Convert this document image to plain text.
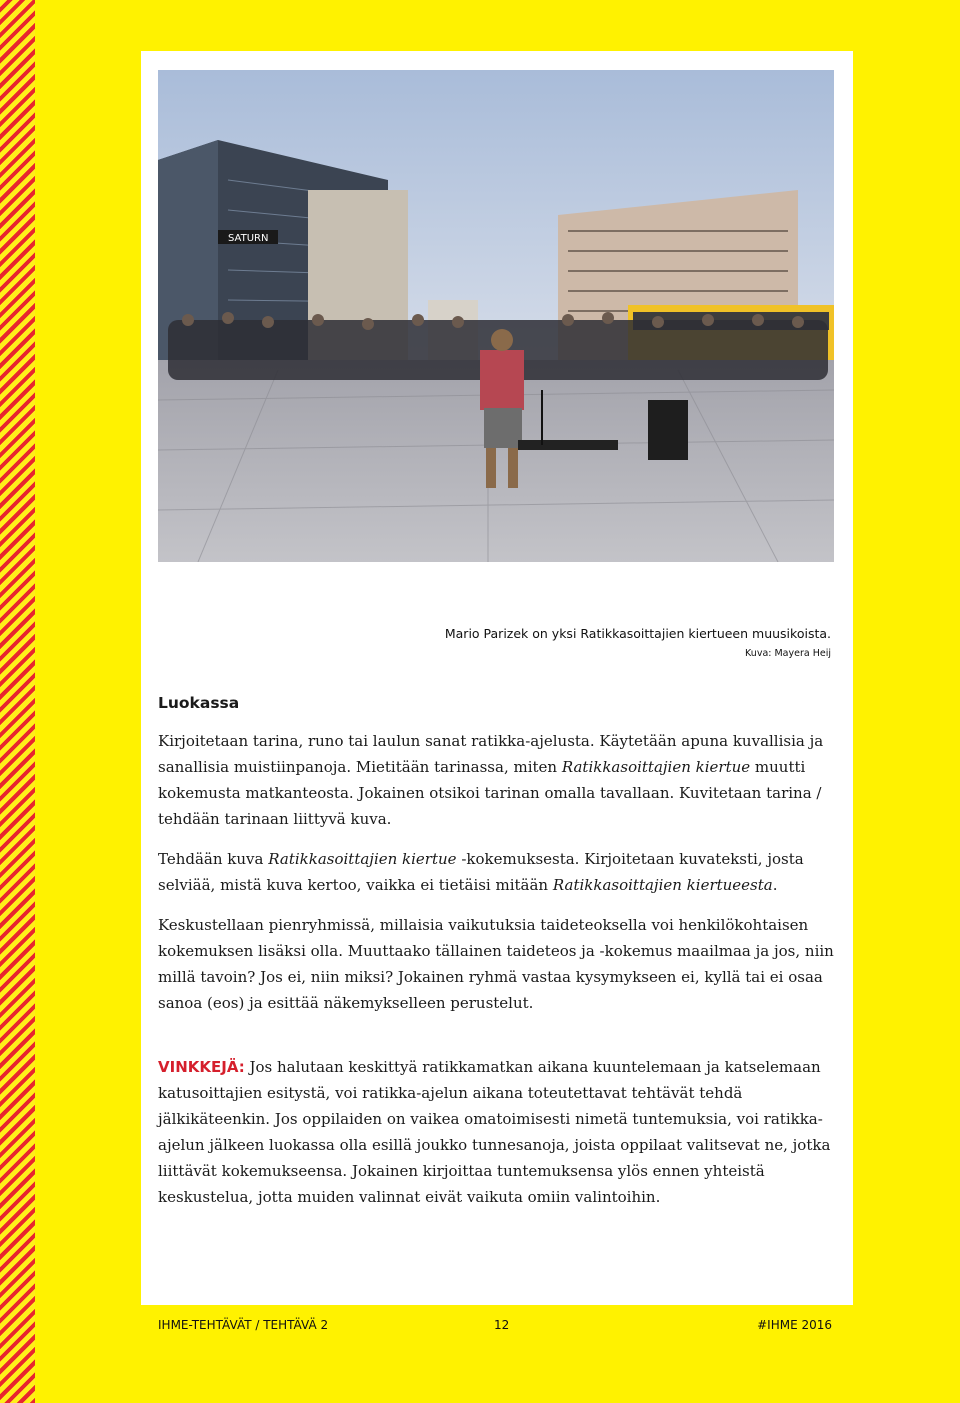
SATURN
Mario Parizek on yksi Ratikkasoittajien kiertueen muusikoista.
Kuva: Mayera Heij
Luokassa

Kirjoitetaan tarina, runo tai laulun sanat ratikka-ajelusta. Käytetään apuna kuvallisia ja sanallisia muistiinpanoja. Mietitään tarinassa, miten Ratikkasoittajien kiertue muutti kokemusta matkanteosta. Jokainen otsikoi tarinan omalla tavallaan. Kuvitetaan tarina / tehdään tarinaan liittyvä kuva.

Tehdään kuva Ratikkasoittajien kiertue -kokemuksesta. Kirjoitetaan kuvateksti, josta selviää, mistä kuva kertoo, vaikka ei tietäisi mitään Ratikkasoittajien kiertueesta.

Keskustellaan pienryhmissä, millaisia vaikutuksia taideteoksella voi henkilökohtaisen kokemuksen lisäksi olla. Muuttaako tällainen taideteos ja -kokemus maailmaa ja jos, niin millä tavoin? Jos ei, niin miksi? Jokainen ryhmä vastaa kysymykseen ei, kyllä tai ei osaa sanoa (eos) ja esittää näkemykselleen perustelut.

VINKKEJÄ: Jos halutaan keskittyä ratikkamatkan aikana kuuntelemaan ja katselemaan katusoittajien esitystä, voi ratikka-ajelun aikana toteutettavat tehtävät tehdä jälkikäteenkin. Jos oppilaiden on vaikea omatoimisesti nimetä tuntemuksia, voi ratikka-ajelun jälkeen luokassa olla esillä joukko tunnesanoja, joista oppilaat valitsevat ne, jotka liittävät kokemukseensa. Jokainen kirjoittaa tuntemuksensa ylös ennen yhteistä keskustelua, jotta muiden valinnat eivät vaikuta omiin valintoihin.

IHME-TEHTÄVÄT / TEHTÄVÄ 2	12	#IHME 2016
